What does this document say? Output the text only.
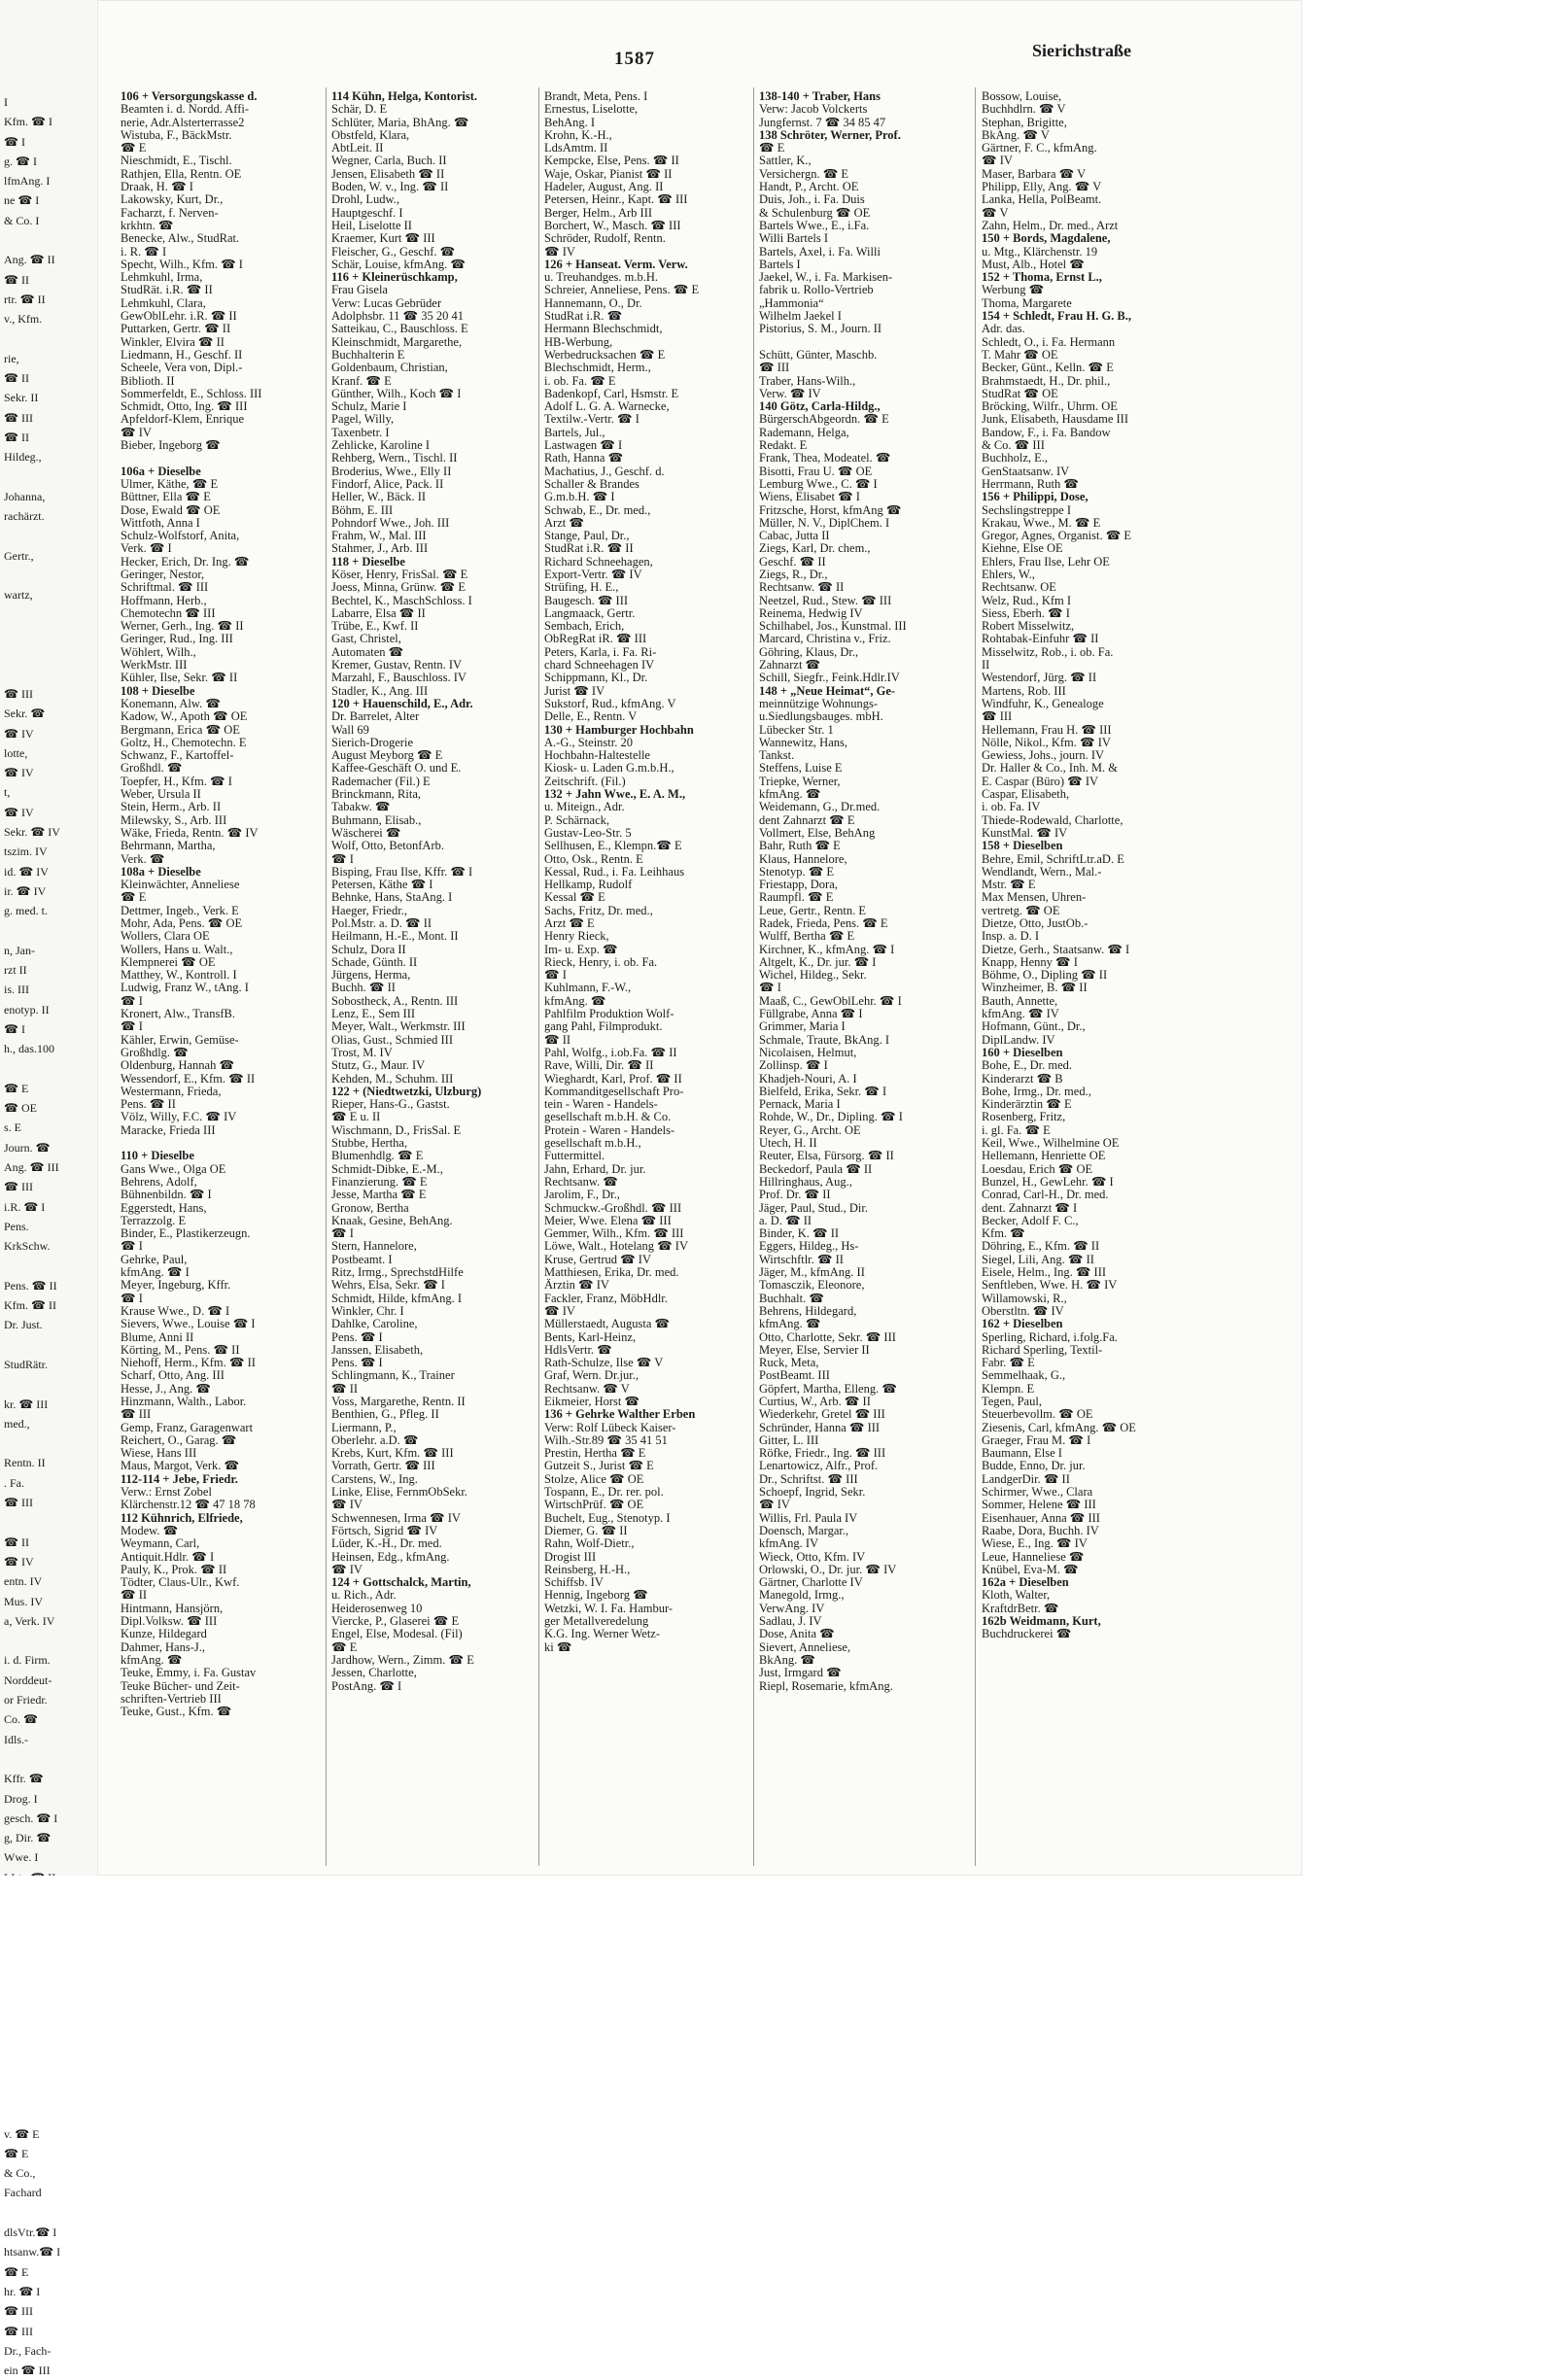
I
Kfm. ☎ I
☎ I
g. ☎ I
lfmAng. I
ne ☎ I
& Co. I

Ang. ☎ II
☎ II
rtr. ☎ II
v., Kfm.

rie,
☎ II
Sekr. II
☎ III
☎ II
Hildeg.,

Johanna,
rachärzt.

Gertr.,

wartz,

☎ III
Sekr. ☎
☎ IV
lotte,
☎ IV
t,
☎ IV
Sekr. ☎ IV
tszim. IV
id. ☎ IV
ir. ☎ IV
g. med. t.

n, Jan-
rzt II
is. III
enotyp. II
☎ I
h., das.100

☎ E
☎ OE
s. E
Journ. ☎
Ang. ☎ III
☎ III
i.R. ☎ I
Pens.
KrkSchw.

Pens. ☎ II
Kfm. ☎ II
Dr. Just.

StudRätr.

kr. ☎ III
med.,

Rentn. II
. Fa.
☎ III

☎ II
☎ IV
entn. IV
Mus. IV
a, Verk. IV

i. d. Firm.
Norddeut-
or Friedr.
Co. ☎
Idls.-

Kffr. ☎
Drog. I
gesch. ☎ I
g, Dir. ☎
Wwe. I

v. ☎ E
☎ E
& Co.,
Fachard

dlsVtr.☎ I
htsanw.☎ I
☎ E
hr. ☎ I
☎ III
☎ III
Dr., Fach-
ein ☎ III
1587	Sierichstraße
106 + Versorgungskasse d.
Beamten i. d. Nordd. Affi-
nerie, Adr.Alsterterrasse2
Wistuba, F., BäckMstr.
☎ E
Nieschmidt, E., Tischl.
Rathjen, Ella, Rentn. OE
Draak, H. ☎ I
Lakowsky, Kurt, Dr.,
Facharzt, f. Nerven-
krkhtn. ☎
Benecke, Alw., StudRat.
i. R. ☎ I
Specht, Wilh., Kfm. ☎ I
Lehmkuhl, Irma,
StudRät. i.R. ☎ II
Lehmkuhl, Clara,
GewOblLehr. i.R. ☎ II
Puttarken, Gertr. ☎ II
Winkler, Elvira ☎ II
Liedmann, H., Geschf. II
Scheele, Vera von, Dipl.-
Biblioth. II
Sommerfeldt, E., Schloss. III
Schmidt, Otto, Ing. ☎ III
Apfeldorf-Klem, Enrique
☎ IV
Bieber, Ingeborg ☎

106a + Dieselbe
Ulmer, Käthe, ☎ E
Büttner, Ella ☎ E
Dose, Ewald ☎ OE
Wittfoth, Anna I
Schulz-Wolfstorf, Anita,
Verk. ☎ I
Hecker, Erich, Dr. Ing. ☎
Geringer, Nestor,
Schriftmal. ☎ III
Hoffmann, Herb.,
Chemotechn ☎ III
Werner, Gerh., Ing. ☎ II
Geringer, Rud., Ing. III
Wöhlert, Wilh.,
WerkMstr. III
Kühler, Ilse, Sekr. ☎ II
108 + Dieselbe
Konemann, Alw. ☎
Kadow, W., Apoth ☎ OE
Bergmann, Erica ☎ OE
Goltz, H., Chemotechn. E
Schwanz, F., Kartoffel-
Großhdl. ☎
Toepfer, H., Kfm. ☎ I
Weber, Ursula II
Stein, Herm., Arb. II
Milewsky, S., Arb. III
Wäke, Frieda, Rentn. ☎ IV
Behrmann, Martha,
Verk. ☎
108a + Dieselbe
Kleinwächter, Anneliese
☎ E
Dettmer, Ingeb., Verk. E
Mohr, Ada, Pens. ☎ OE
Wollers, Clara OE
Wollers, Hans u. Walt.,
Klempnerei ☎ OE
Matthey, W., Kontroll. I
Ludwig, Franz W., tAng. I
☎ I
Kronert, Alw., TransfB.
☎ I
Kähler, Erwin, Gemüse-
Großhdlg. ☎
Oldenburg, Hannah ☎
Wessendorf, E., Kfm. ☎ II
Westermann, Frieda,
Pens. ☎ II
Völz, Willy, F.C. ☎ IV
Maracke, Frieda III

110 + Dieselbe
Gans Wwe., Olga OE
Behrens, Adolf,
Bühnenbildn. ☎ I
Eggerstedt, Hans,
Terrazzolg. E
Binder, E., Plastikerzeugn.
☎ I
Gehrke, Paul,
kfmAng. ☎ I
Meyer, Ingeburg, Kffr.
☎ I
Krause Wwe., D. ☎ I
Sievers, Wwe., Louise ☎ I
Blume, Anni II
Körting, M., Pens. ☎ II
Niehoff, Herm., Kfm. ☎ II
Scharf, Otto, Ang. III
Hesse, J., Ang. ☎
Hinzmann, Walth., Labor.
☎ III
Gemp, Franz, Garagenwart
Reichert, O., Garag. ☎
Wiese, Hans III
Maus, Margot, Verk. ☎
112-114 + Jebe, Friedr.
Verw.: Ernst Zobel
Klärchenstr.12 ☎ 47 18 78
112 Kühnrich, Elfriede,
Modew. ☎
Weymann, Carl,
Antiquit.Hdlr. ☎ I
Pauly, K., Prok. ☎ II
Tödter, Claus-Ulr., Kwf.
☎ II
Hintmann, Hansjörn,
Dipl.Volksw. ☎ III
Kunze, Hildegard
Dahmer, Hans-J.,
kfmAng. ☎
Teuke, Emmy, i. Fa. Gustav
Teuke Bücher- und Zeit-
schriften-Vertrieb III
Teuke, Gust., Kfm. ☎
114 Kühn, Helga, Kontorist.
Schär, D. E
Schlüter, Maria, BhAng. ☎
Obstfeld, Klara,
AbtLeit. II
Wegner, Carla, Buch. II
Jensen, Elisabeth ☎ II
Boden, W. v., Ing. ☎ II
Drohl, Ludw.,
Hauptgeschf. I
Heil, Liselotte II
Kraemer, Kurt ☎ III
Fleischer, G., Geschf. ☎
Schär, Louise, kfmAng. ☎
116 + Kleinerüschkamp,
Frau Gisela
Verw: Lucas Gebrüder
Adolphsbr. 11 ☎ 35 20 41
Satteikau, C., Bauschloss. E
Kleinschmidt, Margarethe,
Buchhalterin E
Goldenbaum, Christian,
Kranf. ☎ E
Günther, Wilh., Koch ☎ I
Schulz, Marie I
Pagel, Willy,
Taxenbetr. I
Zehlicke, Karoline I
Rehberg, Wern., Tischl. II
Broderius, Wwe., Elly II
Findorf, Alice, Pack. II
Heller, W., Bäck. II
Böhm, E. III
Pohndorf Wwe., Joh. III
Frahm, W., Mal. III
Stahmer, J., Arb. III
118 + Dieselbe
Köser, Henry, FrisSal. ☎ E
Joess, Minna, Grünw. ☎ E
Bechtel, K., MaschSchloss. I
Labarre, Elsa ☎ II
Trübe, E., Kwf. II
Gast, Christel,
Automaten ☎
Kremer, Gustav, Rentn. IV
Marzahl, F., Bauschloss. IV
Stadler, K., Ang. III
120 + Hauenschild, E., Adr.
Dr. Barrelet, Alter
Wall 69
Sierich-Drogerie
August Meyborg ☎ E
Kaffee-Geschäft O. und E.
Rademacher (Fil.) E
Brinckmann, Rita,
Tabakw. ☎
Buhmann, Elisab.,
Wäscherei ☎
Wolf, Otto, BetonfArb.
☎ I
Bisping, Frau Ilse, Kffr. ☎ I
Petersen, Käthe ☎ I
Behnke, Hans, StaAng. I
Haeger, Friedr.,
Pol.Mstr. a. D. ☎ II
Heilmann, H.-E., Mont. II
Schulz, Dora II
Schade, Günth. II
Jürgens, Herma,
Buchh. ☎ II
Sobostheck, A., Rentn. III
Lenz, E., Sem III
Meyer, Walt., Werkmstr. III
Olias, Gust., Schmied III
Trost, M. IV
Stutz, G., Maur. IV
Kehden, M., Schuhm. III
122 + (Niedtwetzki, Ulzburg)
Rieper, Hans-G., Gastst.
☎ E u. II
Wischmann, D., FrisSal. E
Stubbe, Hertha,
Blumenhdlg. ☎ E
Schmidt-Dibke, E.-M.,
Finanzierung. ☎ E
Jesse, Martha ☎ E
Gronow, Bertha
Knaak, Gesine, BehAng.
☎ I
Stern, Hannelore,
Postbeamt. I
Ritz, Irmg., SprechstdHilfe
Wehrs, Elsa, Sekr. ☎ I
Schmidt, Hilde, kfmAng. I
Winkler, Chr. I
Dahlke, Caroline,
Pens. ☎ I
Janssen, Elisabeth,
Pens. ☎ I
Schlingmann, K., Trainer
☎ II
Voss, Margarethe, Rentn. II
Benthien, G., Pfleg. II
Liermann, P.,
Oberlehr. a.D. ☎
Krebs, Kurt, Kfm. ☎ III
Vorrath, Gertr. ☎ III
Carstens, W., Ing.
Linke, Elise, FernmObSekr.
☎ IV
Schwennesen, Irma ☎ IV
Förtsch, Sigrid ☎ IV
Lüder, K.-H., Dr. med.
Heinsen, Edg., kfmAng.
☎ IV
124 + Gottschalck, Martin,
u. Rich., Adr.
Heiderosenweg 10
Viercke, P., Glaserei ☎ E
Engel, Else, Modesal. (Fil)
☎ E
Jardhow, Wern., Zimm. ☎ E
Jessen, Charlotte,
PostAng. ☎ I
Brandt, Meta, Pens. I
Ernestus, Liselotte,
BehAng. I
Krohn, K.-H.,
LdsAmtm. II
Kempcke, Else, Pens. ☎ II
Waje, Oskar, Pianist ☎ II
Hadeler, August, Ang. II
Petersen, Heinr., Kapt. ☎ III
Berger, Helm., Arb III
Borchert, W., Masch. ☎ III
Schröder, Rudolf, Rentn.
☎ IV
126 + Hanseat. Verm. Verw.
u. Treuhandges. m.b.H.
Schreier, Anneliese, Pens. ☎ E
Hannemann, O., Dr.
StudRat i.R. ☎
Hermann Blechschmidt,
HB-Werbung,
Werbedrucksachen ☎ E
Blechschmidt, Herm.,
i. ob. Fa. ☎ E
Badenkopf, Carl, Hsmstr. E
Adolf L. G. A. Warnecke,
Textilw.-Vertr. ☎ I
Bartels, Jul.,
Lastwagen ☎ I
Rath, Hanna ☎
Machatius, J., Geschf. d.
Schaller & Brandes
G.m.b.H. ☎ I
Schwab, E., Dr. med.,
Arzt ☎
Stange, Paul, Dr.,
StudRat i.R. ☎ II
Richard Schneehagen,
Export-Vertr. ☎ IV
Strüfing, H. E.,
Baugesch. ☎ III
Langmaack, Gertr.
Sembach, Erich,
ObRegRat iR. ☎ III
Peters, Karla, i. Fa. Ri-
chard Schneehagen IV
Schippmann, Kl., Dr.
Jurist ☎ IV
Sukstorf, Rud., kfmAng. V
Delle, E., Rentn. V
130 + Hamburger Hochbahn
A.-G., Steinstr. 20
Hochbahn-Haltestelle
Kiosk- u. Laden G.m.b.H.,
Zeitschrift. (Fil.)
132 + Jahn Wwe., E. A. M.,
u. Miteign., Adr.
P. Schärnack,
Gustav-Leo-Str. 5
Sellhusen, E., Klempn.☎ E
Otto, Osk., Rentn. E
Kessal, Rud., i. Fa. Leihhaus
Hellkamp, Rudolf
Kessal ☎ E
Sachs, Fritz, Dr. med.,
Arzt ☎ E
Henry Rieck,
Im- u. Exp. ☎
Rieck, Henry, i. ob. Fa.
☎ I
Kuhlmann, F.-W.,
kfmAng. ☎
Pahlfilm Produktion Wolf-
gang Pahl, Filmprodukt.
☎ II
Pahl, Wolfg., i.ob.Fa. ☎ II
Rave, Willi, Dir. ☎ II
Wieghardt, Karl, Prof. ☎ II
Kommanditgesellschaft Pro-
tein - Waren - Handels-
gesellschaft m.b.H. & Co.
Protein - Waren - Handels-
gesellschaft m.b.H.,
Futtermittel.
Jahn, Erhard, Dr. jur.
Rechtsanw. ☎
Jarolim, F., Dr.,
Schmuckw.-Großhdl. ☎ III
Meier, Wwe. Elena ☎ III
Gemmer, Wilh., Kfm. ☎ III
Löwe, Walt., Hotelang ☎ IV
Kruse, Gertrud ☎ IV
Matthiesen, Erika, Dr. med.
Ärztin ☎ IV
Fackler, Franz, MöbHdlr.
☎ IV
Müllerstaedt, Augusta ☎
Bents, Karl-Heinz,
HdlsVertr. ☎
Rath-Schulze, Ilse ☎ V
Graf, Wern. Dr.jur.,
Rechtsanw. ☎ V
Eikmeier, Horst ☎
136 + Gehrke Walther Erben
Verw: Rolf Lübeck Kaiser-
Wilh.-Str.89 ☎ 35 41 51
Prestin, Hertha ☎ E
Gutzeit S., Jurist ☎ E
Stolze, Alice ☎ OE
Tospann, E., Dr. rer. pol.
WirtschPrüf. ☎ OE
Buchelt, Eug., Stenotyp. I
Diemer, G. ☎ II
Rahn, Wolf-Dietr.,
Drogist III
Reinsberg, H.-H.,
Schiffsb. IV
Hennig, Ingeborg ☎
Wetzki, W. I. Fa. Hambur-
ger Metallveredelung
K.G. Ing. Werner Wetz-
ki ☎
138-140 + Traber, Hans
Verw: Jacob Volckerts
Jungfernst. 7 ☎ 34 85 47
138 Schröter, Werner, Prof.
☎ E
Sattler, K.,
Versichergn. ☎ E
Handt, P., Archt. OE
Duis, Joh., i. Fa. Duis
& Schulenburg ☎ OE
Bartels Wwe., E., i.Fa.
Willi Bartels I
Bartels, Axel, i. Fa. Willi
Bartels I
Jaekel, W., i. Fa. Markisen-
fabrik u. Rollo-Vertrieb
„Hammonia“
Wilhelm Jaekel I
Pistorius, S. M., Journ. II

Schütt, Günter, Maschb.
☎ III
Traber, Hans-Wilh.,
Verw. ☎ IV
140 Götz, Carla-Hildg.,
BürgerschAbgeordn. ☎ E
Rademann, Helga,
Redakt. E
Frank, Thea, Modeatel. ☎
Bisotti, Frau U. ☎ OE
Lemburg Wwe., C. ☎ I
Wiens, Elisabet ☎ I
Fritzsche, Horst, kfmAng ☎
Müller, N. V., DiplChem. I
Cabac, Jutta II
Ziegs, Karl, Dr. chem.,
Geschf. ☎ II
Ziegs, R., Dr.,
Rechtsanw. ☎ II
Neetzel, Rud., Stew. ☎ III
Reinema, Hedwig IV
Schilhabel, Jos., Kunstmal. III
Marcard, Christina v., Friz.
Göhring, Klaus, Dr.,
Zahnarzt ☎
Schill, Siegfr., Feink.Hdlr.IV
148 + „Neue Heimat“, Ge-
meinnützige Wohnungs-
u.Siedlungsbauges. mbH.
Lübecker Str. 1
Wannewitz, Hans,
Tankst.
Steffens, Luise E
Triepke, Werner,
kfmAng. ☎
Weidemann, G., Dr.med.
dent Zahnarzt ☎ E
Vollmert, Else, BehAng
Bahr, Ruth ☎ E
Klaus, Hannelore,
Stenotyp. ☎ E
Friestapp, Dora,
Raumpfl. ☎ E
Leue, Gertr., Rentn. E
Radek, Frieda, Pens. ☎ E
Wulff, Bertha ☎ E
Kirchner, K., kfmAng. ☎ I
Altgelt, K., Dr. jur. ☎ I
Wichel, Hildeg., Sekr.
☎ I
Maaß, C., GewOblLehr. ☎ I
Füllgrabe, Anna ☎ I
Grimmer, Maria I
Schmale, Traute, BkAng. I
Nicolaisen, Helmut,
Zollinsp. ☎ I
Khadjeh-Nouri, A. I
Bielfeld, Erika, Sekr. ☎ I
Pernack, Maria I
Rohde, W., Dr., Dipling. ☎ I
Reyer, G., Archt. OE
Utech, H. II
Reuter, Elsa, Fürsorg. ☎ II
Beckedorf, Paula ☎ II
Hillringhaus, Aug.,
Prof. Dr. ☎ II
Jäger, Paul, Stud., Dir.
a. D. ☎ II
Binder, K. ☎ II
Eggers, Hildeg., Hs-
Wirtschftlr. ☎ II
Jäger, M., kfmAng. II
Tomasczik, Eleonore,
Buchhalt. ☎
Behrens, Hildegard,
kfmAng. ☎
Otto, Charlotte, Sekr. ☎ III
Meyer, Else, Servier II
Ruck, Meta,
PostBeamt. III
Göpfert, Martha, Elleng. ☎
Curtius, W., Arb. ☎ II
Wiederkehr, Gretel ☎ III
Schründer, Hanna ☎ III
Gitter, L. III
Röfke, Friedr., Ing. ☎ III
Lenartowicz, Alfr., Prof.
Dr., Schriftst. ☎ III
Schoepf, Ingrid, Sekr.
☎ IV
Willis, Frl. Paula IV
Doensch, Margar.,
kfmAng. IV
Wieck, Otto, Kfm. IV
Orlowski, O., Dr. jur. ☎ IV
Gärtner, Charlotte IV
Manegold, Irmg.,
VerwAng. IV
Sadlau, J. IV
Dose, Anita ☎
Sievert, Anneliese,
BkAng. ☎
Just, Irmgard ☎
Riepl, Rosemarie, kfmAng.
Bossow, Louise,
Buchhdlrn. ☎ V
Stephan, Brigitte,
BkAng. ☎ V
Gärtner, F. C., kfmAng.
☎ IV
Maser, Barbara ☎ V
Philipp, Elly, Ang. ☎ V
Lanka, Hella, PolBeamt.
☎ V
Zahn, Helm., Dr. med., Arzt
150 + Bords, Magdalene,
u. Mtg., Klärchenstr. 19
Must, Alb., Hotel ☎
152 + Thoma, Ernst L.,
Werbung ☎
Thoma, Margarete
154 + Schledt, Frau H. G. B.,
Adr. das.
Schledt, O., i. Fa. Hermann
T. Mahr ☎ OE
Becker, Günt., Kelln. ☎ E
Brahmstaedt, H., Dr. phil.,
StudRat ☎ OE
Bröcking, Wilfr., Uhrm. OE
Junk, Elisabeth, Hausdame III
Bandow, F., i. Fa. Bandow
& Co. ☎ III
Buchholz, E.,
GenStaatsanw. IV
Herrmann, Ruth ☎
156 + Philippi, Dose,
Sechslingstreppe I
Krakau, Wwe., M. ☎ E
Gregor, Agnes, Organist. ☎ E
Kiehne, Else OE
Ehlers, Frau Ilse, Lehr OE
Ehlers, W.,
Rechtsanw. OE
Welz, Rud., Kfm I
Siess, Eberh. ☎ I
Robert Misselwitz,
Rohtabak-Einfuhr ☎ II
Misselwitz, Rob., i. ob. Fa.
II
Westendorf, Jürg. ☎ II
Martens, Rob. III
Windfuhr, K., Genealoge
☎ III
Hellemann, Frau H. ☎ III
Nölle, Nikol., Kfm. ☎ IV
Gewiess, Johs., journ. IV
Dr. Haller & Co., Inh. M. &
E. Caspar (Büro) ☎ IV
Caspar, Elisabeth,
i. ob. Fa. IV
Thiede-Rodewald, Charlotte,
KunstMal. ☎ IV
158 + Dieselben
Behre, Emil, SchriftLtr.aD. E
Wendlandt, Wern., Mal.-
Mstr. ☎ E
Max Mensen, Uhren-
vertretg. ☎ OE
Dietze, Otto, JustOb.-
Insp. a. D. I
Dietze, Gerh., Staatsanw. ☎ I
Knapp, Henny ☎ I
Böhme, O., Dipling ☎ II
Winzheimer, B. ☎ II
Bauth, Annette,
kfmAng. ☎ IV
Hofmann, Günt., Dr.,
DiplLandw. IV
160 + Dieselben
Bohe, E., Dr. med.
Kinderarzt ☎ B
Bohe, Irmg., Dr. med.,
Kinderärztin ☎ E
Rosenberg, Fritz,
i. gl. Fa. ☎ E
Keil, Wwe., Wilhelmine OE
Hellemann, Henriette OE
Loesdau, Erich ☎ OE
Bunzel, H., GewLehr. ☎ I
Conrad, Carl-H., Dr. med.
dent. Zahnarzt ☎ I
Becker, Adolf F. C.,
Kfm. ☎
Döhring, E., Kfm. ☎ II
Siegel, Lili, Ang. ☎ II
Eisele, Helm., Ing. ☎ III
Senftleben, Wwe. H. ☎ IV
Willamowski, R.,
Oberstltn. ☎ IV
162 + Dieselben
Sperling, Richard, i.folg.Fa.
Richard Sperling, Textil-
Fabr. ☎ E
Semmelhaak, G.,
Klempn. E
Tegen, Paul,
Steuerbevollm. ☎ OE
Ziesenis, Carl, kfmAng. ☎ OE
Graeger, Frau M. ☎ I
Baumann, Else I
Budde, Enno, Dr. jur.
LandgerDir. ☎ II
Schirmer, Wwe., Clara
Sommer, Helene ☎ III
Eisenhauer, Anna ☎ III
Raabe, Dora, Buchh. IV
Wiese, E., Ing. ☎ IV
Leue, Hanneliese ☎
Knübel, Eva-M. ☎
162a + Dieselben
Kloth, Walter,
KraftdrBetr. ☎
162b Weidmann, Kurt,
Buchdruckerei ☎
